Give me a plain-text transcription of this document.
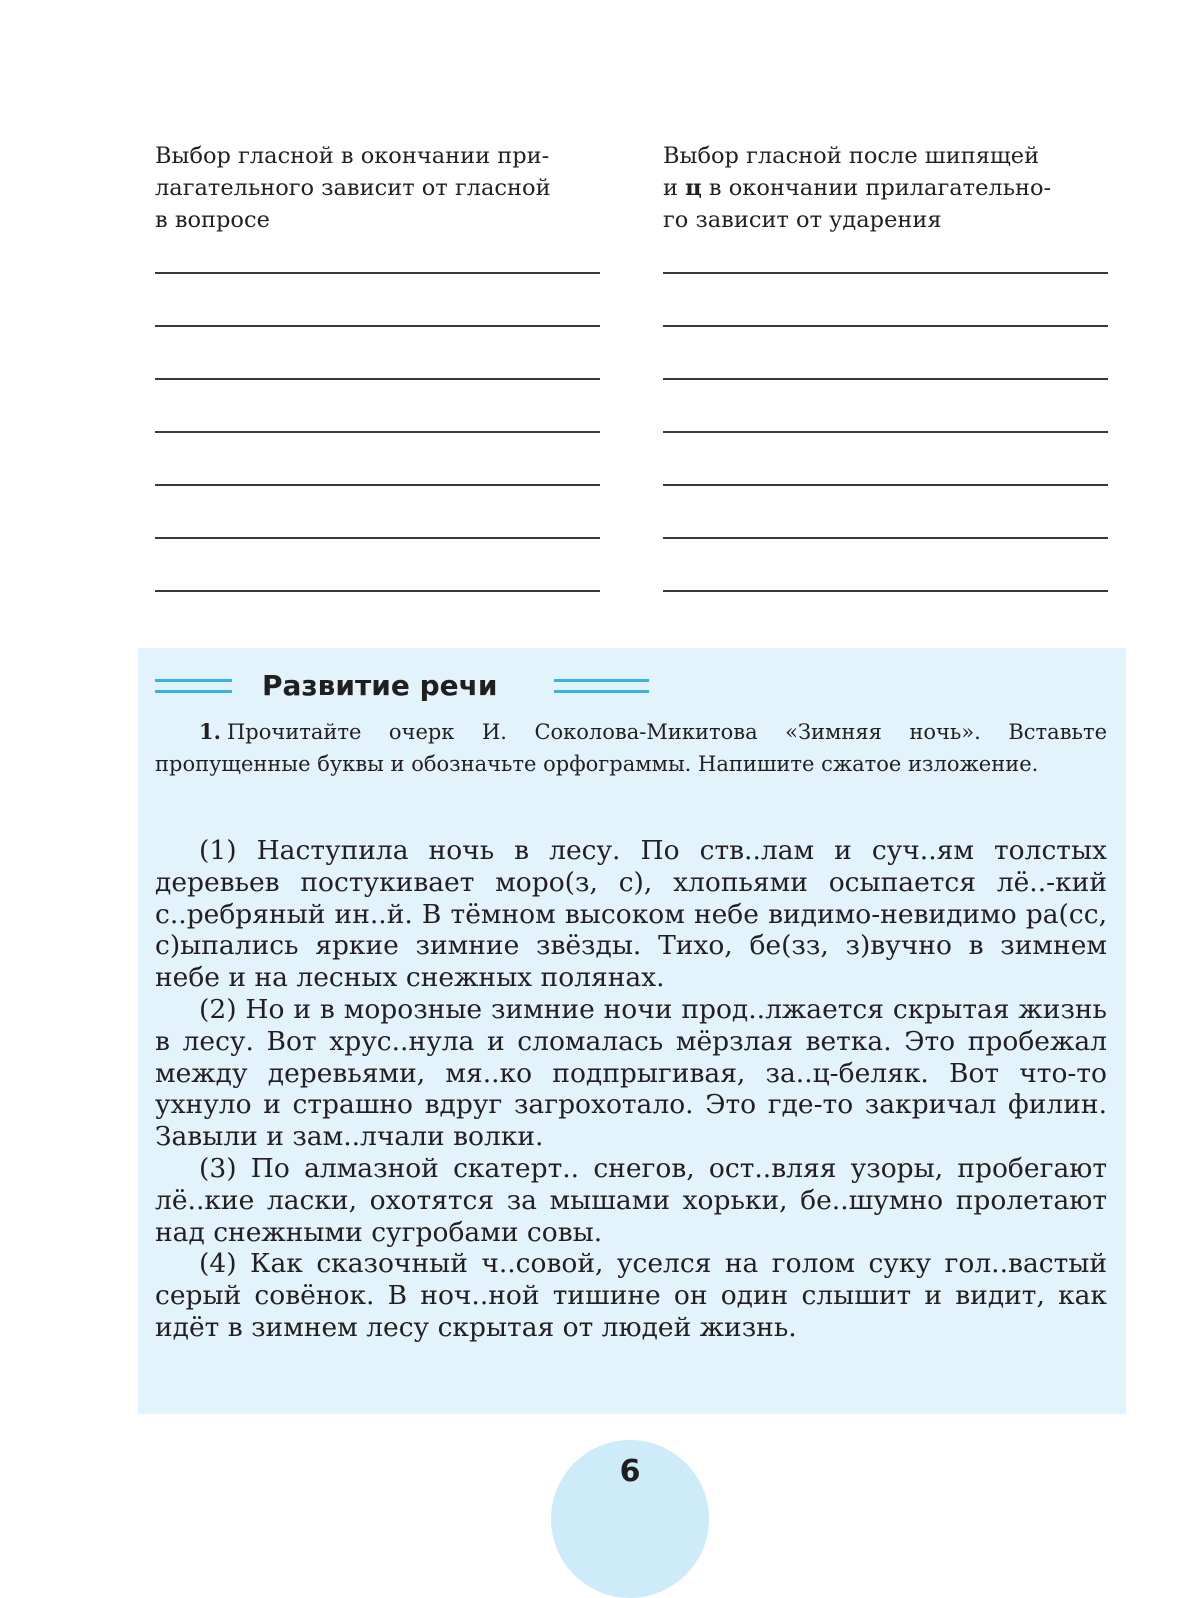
Выбор гласной в окончании при-
лагательного зависит от гласной
в вопросе

Выбор гласной после шипящей
и ц в окончании прилагательно-
го зависит от ударения

Развитие речи

1. Прочитайте очерк И. Соколова-Микитова «Зимняя ночь». Вставьте пропущенные буквы и обозначьте орфограммы. Напишите сжатое изложение.

(1) Наступила ночь в лесу. По ств..лам и суч..ям толстых деревьев постукивает моро(з, с), хлопьями осыпается лё..-кий с..ребряный ин..й. В тёмном высоком небе видимо-невидимо ра(сс, с)ыпались яркие зимние звёзды. Тихо, бе(зз, з)вучно в зимнем небе и на лесных снежных полянах.

(2) Но и в морозные зимние ночи прод..лжается скрытая жизнь в лесу. Вот хрус..нула и сломалась мёрзлая ветка. Это пробежал между деревьями, мя..ко подпрыгивая, за..ц-беляк. Вот что-то ухнуло и страшно вдруг загрохотало. Это где-то закричал филин. Завыли и зам..лчали волки.

(3) По алмазной скатерт.. снегов, ост..вляя узоры, пробегают лё..кие ласки, охотятся за мышами хорьки, бе..шумно пролетают над снежными сугробами совы.

(4) Как сказочный ч..совой, уселся на голом суку гол..вастый серый совёнок. В ноч..ной тишине он один слышит и видит, как идёт в зимнем лесу скрытая от людей жизнь.

6
